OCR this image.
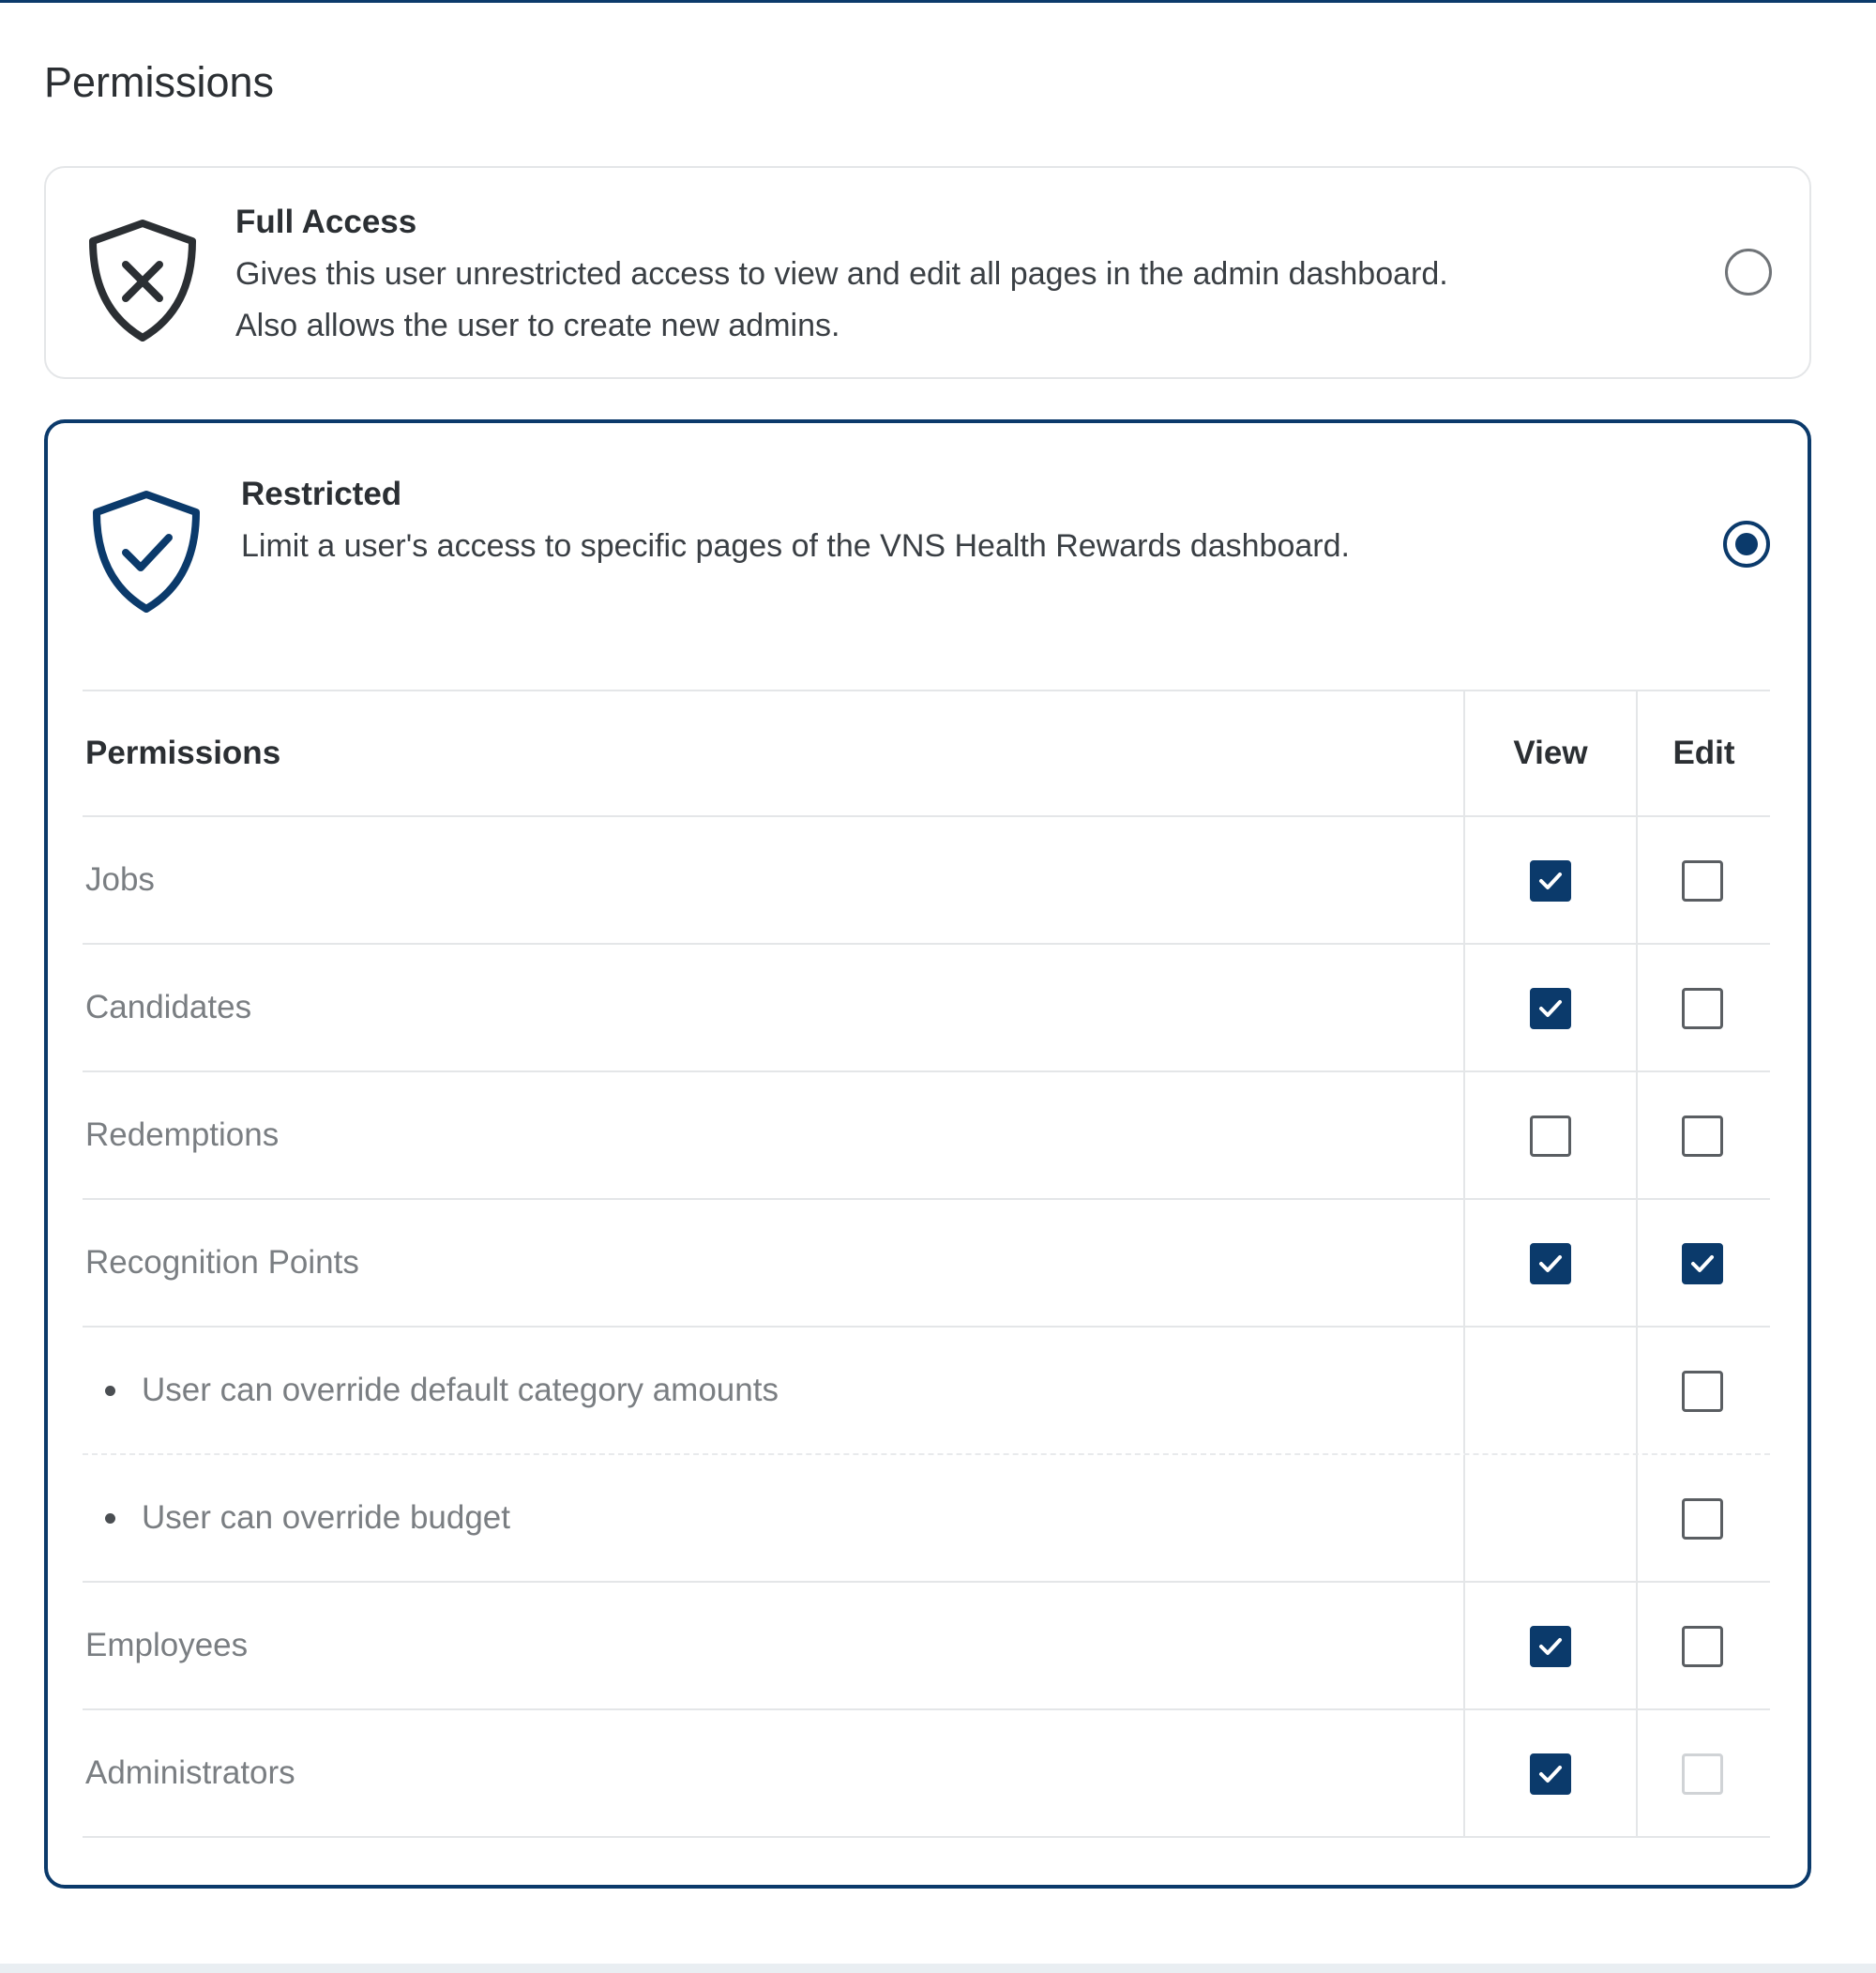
Permissions
Full Access
Gives this user unrestricted access to view and edit all pages in the admin dashboard.
Also allows the user to create new admins.
Restricted
Limit a user's access to specific pages of the VNS Health Rewards dashboard.
Permissions	View	Edit
Jobs
Candidates
Redemptions
Recognition Points
User can override default category amounts
User can override budget
Employees
Administrators
